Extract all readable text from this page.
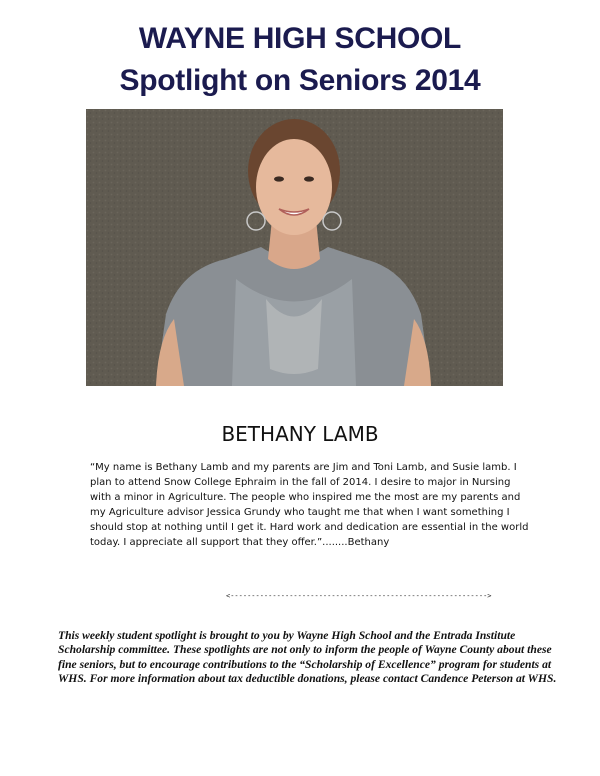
WAYNE HIGH SCHOOL
Spotlight on Seniors 2014
BETHANY LAMB
“My name is Bethany Lamb and my parents are Jim and Toni Lamb, and Susie lamb. I plan to attend Snow College Ephraim in the fall of 2014. I desire to major in Nursing with a minor in Agriculture. The people who inspired me the most are my parents and my Agriculture advisor Jessica Grundy who taught me that when I want something I should stop at nothing until I get it. Hard work and dedication are essential in the world today. I appreciate all support that they offer.”........Bethany
<------------------------------------------------------------->
This weekly student spotlight is brought to you by Wayne High School and the Entrada Institute Scholarship committee. These spotlights are not only to inform the people of Wayne County about these fine seniors, but to encourage contributions to the “Scholarship of Excellence” program for students at WHS. For more information about tax deductible donations, please contact Candence Peterson at WHS.
